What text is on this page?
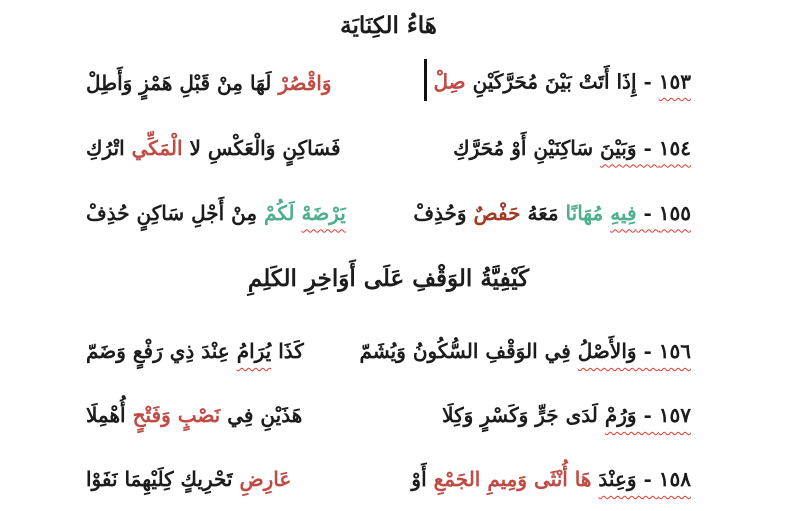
هَاءُ الكِنَايَة
١٥٣ - إِذَا أَتَتْ بَيْنَ مُحَرَّكَيْنِ صِلْ
وَاقْصُرْ لَهَا مِنْ قَبْلِ هَمْزٍ وَأَطِلْ
١٥٤ - وَبَيْنَ سَاكِنَيْنِ أَوْ مُحَرَّكِ
فَسَاكِنٍ وَالْعَكْسِ لا الْمَكِّي اتْرُكِ
١٥٥ - فِيهِ مُهَانًا مَعَهُ حَفْصٌ وَحُذِفْ
يَرْضَهْ لَكُمْ مِنْ أَجْلِ سَاكِنٍ حُذِفْ
كَيْفِيَّةُ الوَقْفِ عَلَى أَوَاخِرِ الكَلِمِ
١٥٦ - وَالأَصْلُ فِي الوَقْفِ السُّكُونُ وَيُشَمّ
كَذَا يُرَامُ عِنْدَ ذِي رَفْعٍ وَضَمّ
١٥٧ - وَرُمْ لَدَى جَرٍّ وَكَسْرٍ وَكِلَا
هَذَيْنِ فِي نَصْبٍ وَفَتْحٍ أُهْمِلَا
١٥٨ - وَعِنْدَ هَا أُنْثَى وَمِيمِ الجَمْعِ أَوْ
عَارِضِ تَحْرِيكٍ كِلَيْهِمَا نَفَوْا
